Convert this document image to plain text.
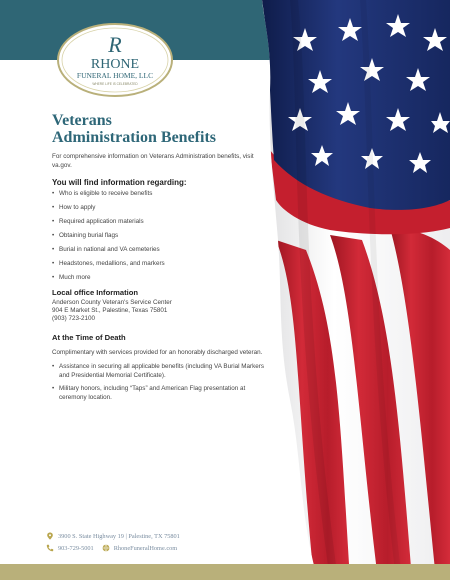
R
RHONE
FUNERAL HOME, LLC
WHERE LIFE IS CELEBRATED
Veterans
Administration Benefits

For comprehensive information on Veterans Administration benefits, visit va.gov.

You will find information regarding:
• Who is eligible to receive benefits
• How to apply
• Required application materials
• Obtaining burial flags
• Burial in national and VA cemeteries
• Headstones, medallions, and markers
• Much more
Local office Information
Anderson County Veteran's Service Center
904 E Market St., Palestine, Texas 75801
(903) 723-2100
At the Time of Death

Complimentary with services provided for an honorably discharged veteran.

• Assistance in securing all applicable benefits (including VA Burial Markers and Presidential Memorial Certificate).
• Military honors, including “Taps” and American Flag presentation at ceremony location.
3900 S. State Highway 19 | Palestine, TX 75801
903-729-5001	RhoneFuneralHome.com
